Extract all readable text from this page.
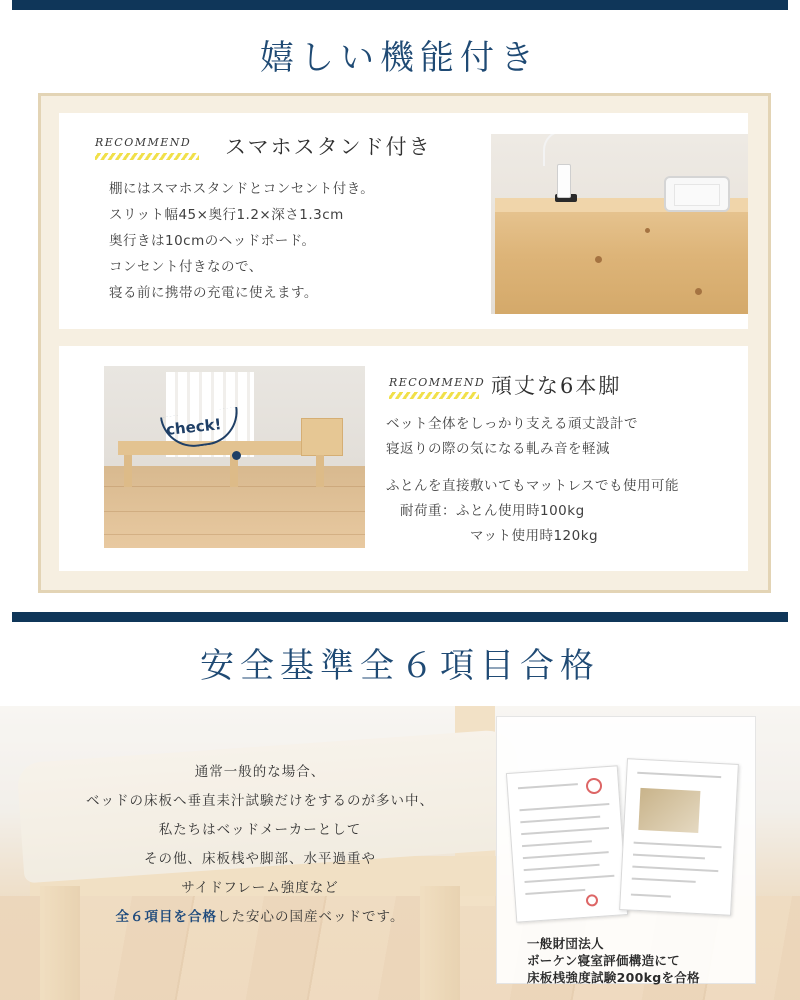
嬉しい機能付き
RECOMMEND スマホスタンド付き
棚にはスマホスタンドとコンセント付き。
スリット幅45×奥行1.2×深さ1.3cm
奥行きは10cmのヘッドボード。
コンセント付きなので、
寝る前に携帯の充電に使えます。
check!
RECOMMEND 頑丈な6本脚
ベット全体をしっかり支える頑丈設計で
寝返りの際の気になる軋み音を軽減
ふとんを直接敷いてもマットレスでも使用可能
　耐荷重：ふとん使用時100kg
　　　　　　マット使用時120kg
安全基準全６項目合格
通常一般的な場合、
ベッドの床板へ垂直耒汁試験だけをするのが多い中、
私たちはベッドメーカーとして
その他、床板桟や脚部、水平過重や
サイドフレーム強度など
全６項目を合格した安心の国産ベッドです。
一般財団法人
ボーケン寝室評価構造にて
床板桟強度試験200kgを合格
